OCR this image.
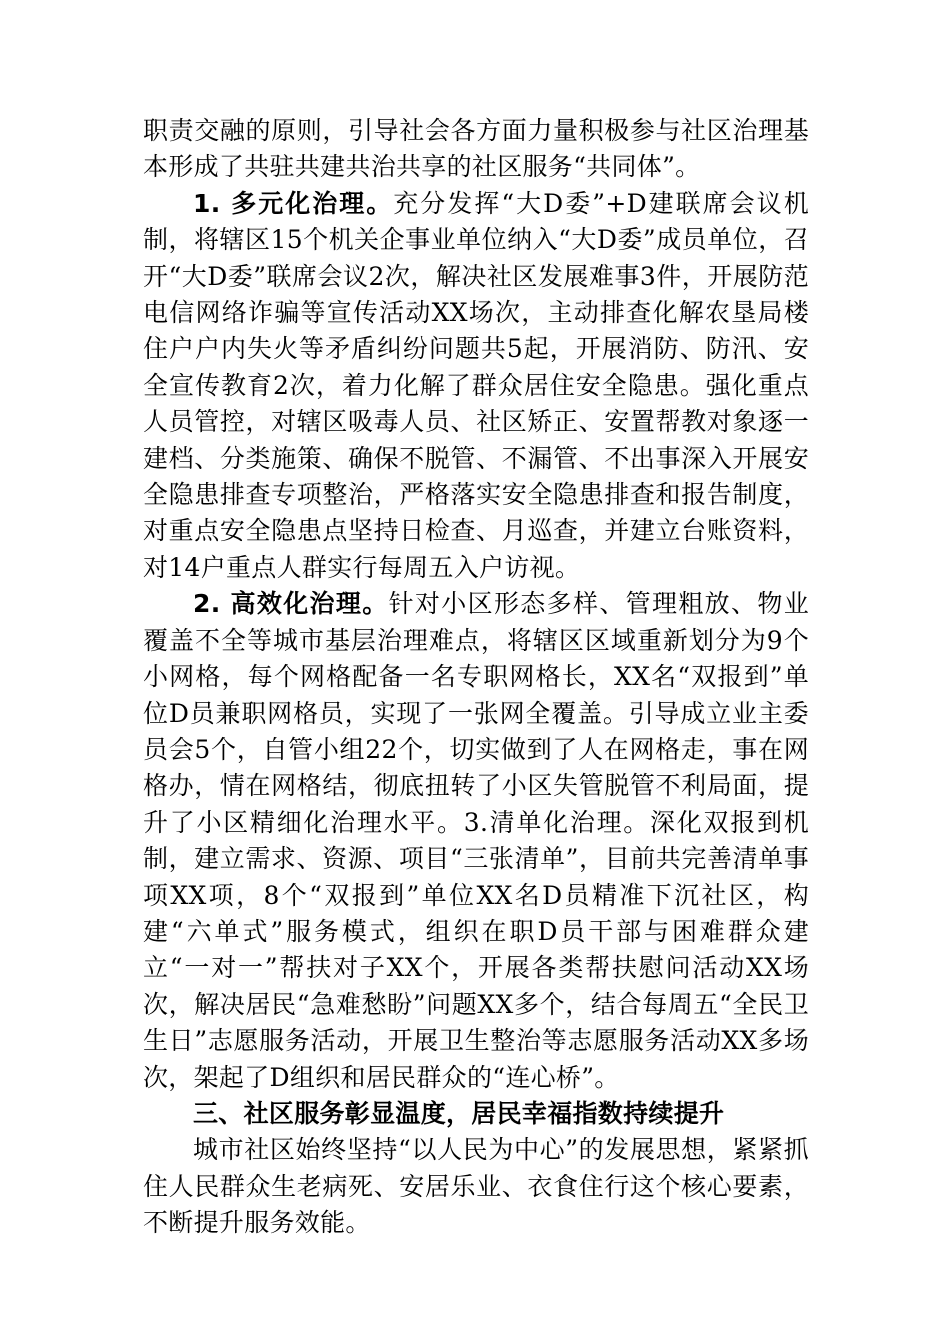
职责交融的原则，引导社会各方面力量积极参与社区治理基本形成了共驻共建共治共享的社区服务“共同体”。

1. 多元化治理。充分发挥“大D委”+D建联席会议机制，将辖区15个机关企事业单位纳入“大D委”成员单位，召开“大D委”联席会议2次，解决社区发展难事3件，开展防范电信网络诈骗等宣传活动XX场次，主动排查化解农垦局楼住户户内失火等矛盾纠纷问题共5起，开展消防、防汛、安全宣传教育2次，着力化解了群众居住安全隐患。强化重点人员管控，对辖区吸毒人员、社区矫正、安置帮教对象逐一建档、分类施策、确保不脱管、不漏管、不出事深入开展安全隐患排查专项整治，严格落实安全隐患排查和报告制度，对重点安全隐患点坚持日检查、月巡查，并建立台账资料，对14户重点人群实行每周五入户访视。

2. 高效化治理。针对小区形态多样、管理粗放、物业覆盖不全等城市基层治理难点，将辖区区域重新划分为9个小网格，每个网格配备一名专职网格长，XX名“双报到”单位D员兼职网格员，实现了一张网全覆盖。引导成立业主委员会5个，自管小组22个，切实做到了人在网格走，事在网格办，情在网格结，彻底扭转了小区失管脱管不利局面，提升了小区精细化治理水平。3.清单化治理。深化双报到机制，建立需求、资源、项目“三张清单”，目前共完善清单事项XX项，8个“双报到”单位XX名D员精准下沉社区，构建“六单式”服务模式，组织在职D员干部与困难群众建立“一对一”帮扶对子XX个，开展各类帮扶慰问活动XX场次，解决居民“急难愁盼”问题XX多个，结合每周五“全民卫生日”志愿服务活动，开展卫生整治等志愿服务活动XX多场次，架起了D组织和居民群众的“连心桥”。

三、社区服务彰显温度，居民幸福指数持续提升

城市社区始终坚持“以人民为中心”的发展思想，紧紧抓住人民群众生老病死、安居乐业、衣食住行这个核心要素，不断提升服务效能。
